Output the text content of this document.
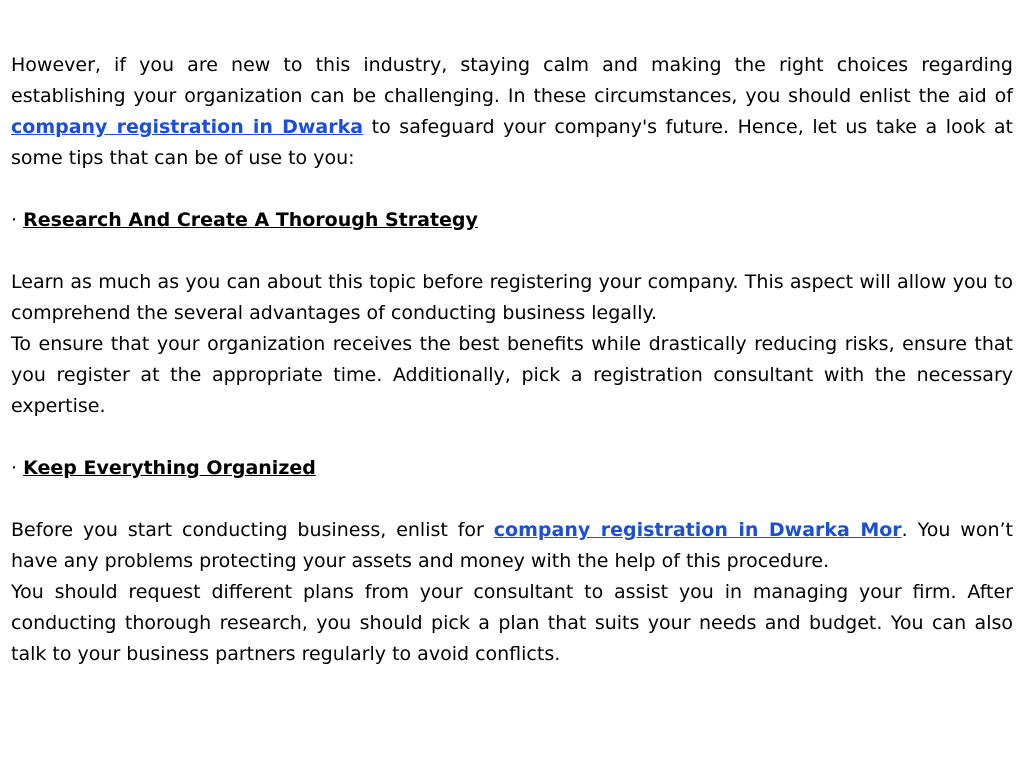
However, if you are new to this industry, staying calm and making the right choices regarding establishing your organization can be challenging. In these circumstances, you should enlist the aid of company registration in Dwarka to safeguard your company's future. Hence, let us take a look at some tips that can be of use to you:

· Research And Create A Thorough Strategy

Learn as much as you can about this topic before registering your company. This aspect will allow you to comprehend the several advantages of conducting business legally.

To ensure that your organization receives the best benefits while drastically reducing risks, ensure that you register at the appropriate time. Additionally, pick a registration consultant with the necessary expertise.

· Keep Everything Organized

Before you start conducting business, enlist for company registration in Dwarka Mor. You won’t have any problems protecting your assets and money with the help of this procedure.

You should request different plans from your consultant to assist you in managing your firm. After conducting thorough research, you should pick a plan that suits your needs and budget. You can also talk to your business partners regularly to avoid conflicts.
